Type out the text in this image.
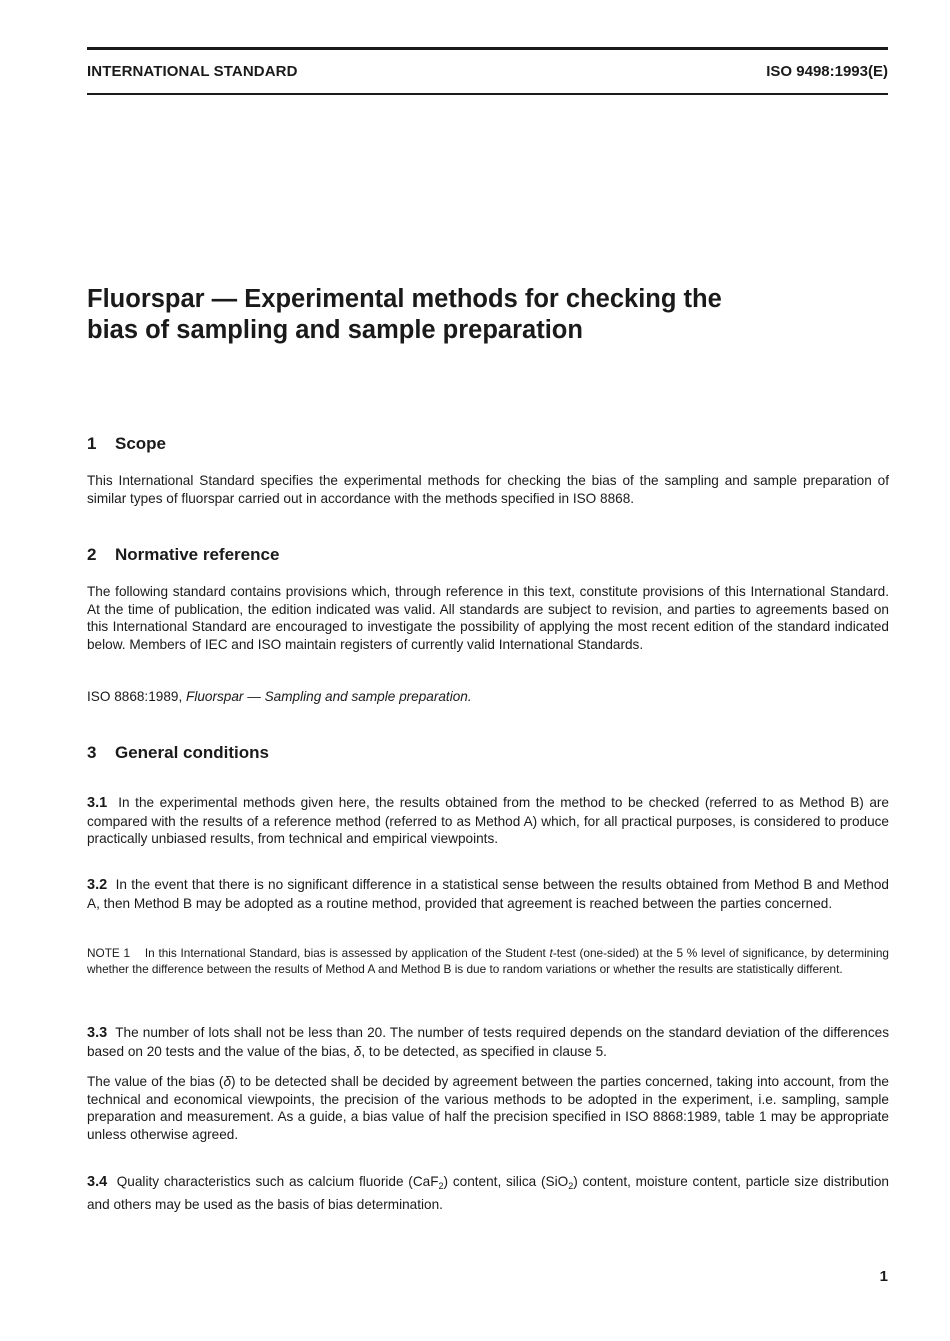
INTERNATIONAL STANDARD	ISO 9498:1993(E)
Fluorspar — Experimental methods for checking the
bias of sampling and sample preparation
1 Scope

This International Standard specifies the experimental methods for checking the bias of the sampling and sample preparation of similar types of fluorspar carried out in accordance with the methods specified in ISO 8868.

2 Normative reference

The following standard contains provisions which, through reference in this text, constitute provisions of this International Standard. At the time of publication, the edition indicated was valid. All standards are subject to revision, and parties to agreements based on this International Standard are encouraged to investigate the possibility of applying the most recent edition of the standard indicated below. Members of IEC and ISO maintain registers of currently valid International Standards.

ISO 8868:1989, Fluorspar — Sampling and sample preparation.

3 General conditions

3.1 In the experimental methods given here, the results obtained from the method to be checked (referred to as Method B) are compared with the results of a reference method (referred to as Method A) which, for all practical purposes, is considered to produce practically unbiased results, from technical and empirical viewpoints.

3.2 In the event that there is no significant difference in a statistical sense between the results obtained from Method B and Method A, then Method B may be adopted as a routine method, provided that agreement is reached between the parties concerned.

NOTE 1 In this International Standard, bias is assessed by application of the Student t-test (one-sided) at the 5 % level of significance, by determining whether the difference between the results of Method A and Method B is due to random variations or whether the results are statistically different.

3.3 The number of lots shall not be less than 20. The number of tests required depends on the standard deviation of the differences based on 20 tests and the value of the bias, δ, to be detected, as specified in clause 5.

The value of the bias (δ) to be detected shall be decided by agreement between the parties concerned, taking into account, from the technical and economical viewpoints, the precision of the various methods to be adopted in the experiment, i.e. sampling, sample preparation and measurement. As a guide, a bias value of half the precision specified in ISO 8868:1989, table 1 may be appropriate unless otherwise agreed.

3.4 Quality characteristics such as calcium fluoride (CaF$_2$) content, silica (SiO$_2$) content, moisture content, particle size distribution and others may be used as the basis of bias determination.

1
